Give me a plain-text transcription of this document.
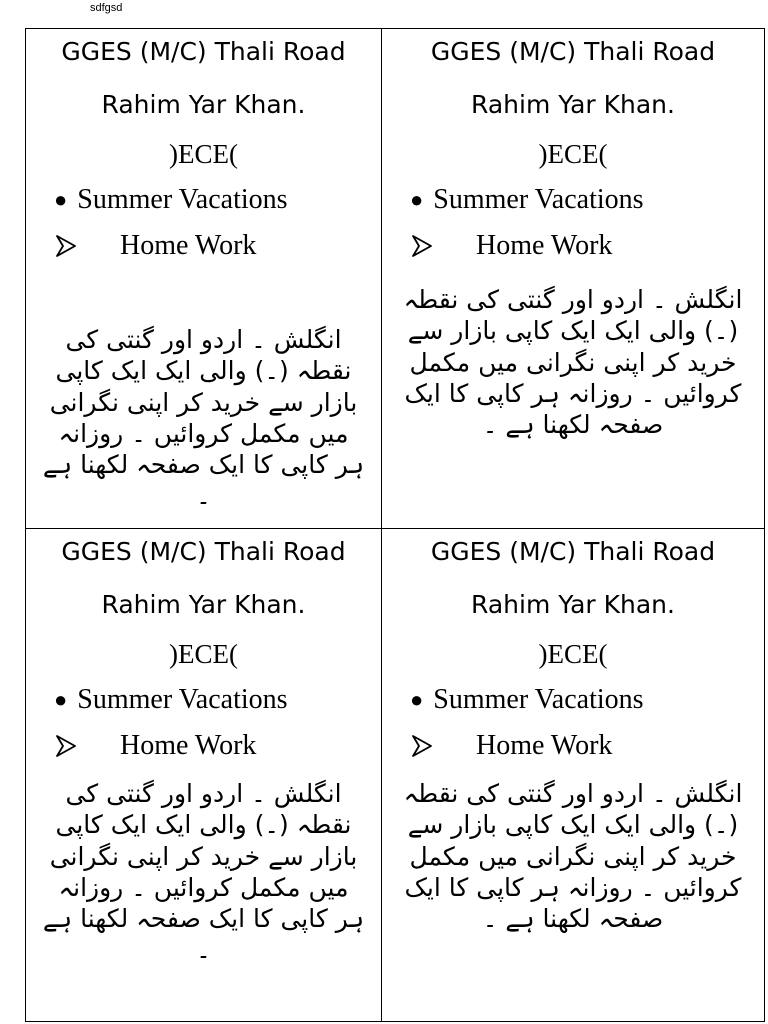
sdfgsd
GGES (M/C) Thali Road
Rahim Yar Khan.
)ECE(
● Summer Vacations
Home Work
انگلش ۔ اردو اور گنتی کی نقطہ (۔) والی ایک ایک کاپی بازار سے خرید کر اپنی نگرانی میں مکمل کروائیں ۔ روزانہ ہر کاپی کا ایک صفحہ لکھنا ہے ۔
GGES (M/C) Thali Road
Rahim Yar Khan.
)ECE(
● Summer Vacations
Home Work
انگلش ۔ اردو اور گنتی کی نقطہ (۔) والی ایک ایک کاپی بازار سے خرید کر اپنی نگرانی میں مکمل کروائیں ۔ روزانہ ہر کاپی کا ایک صفحہ لکھنا ہے ۔
GGES (M/C) Thali Road
Rahim Yar Khan.
)ECE(
● Summer Vacations
Home Work
انگلش ۔ اردو اور گنتی کی نقطہ (۔) والی ایک ایک کاپی بازار سے خرید کر اپنی نگرانی میں مکمل کروائیں ۔ روزانہ ہر کاپی کا ایک صفحہ لکھنا ہے ۔
GGES (M/C) Thali Road
Rahim Yar Khan.
)ECE(
● Summer Vacations
Home Work
انگلش ۔ اردو اور گنتی کی نقطہ (۔) والی ایک ایک کاپی بازار سے خرید کر اپنی نگرانی میں مکمل کروائیں ۔ روزانہ ہر کاپی کا ایک صفحہ لکھنا ہے ۔
